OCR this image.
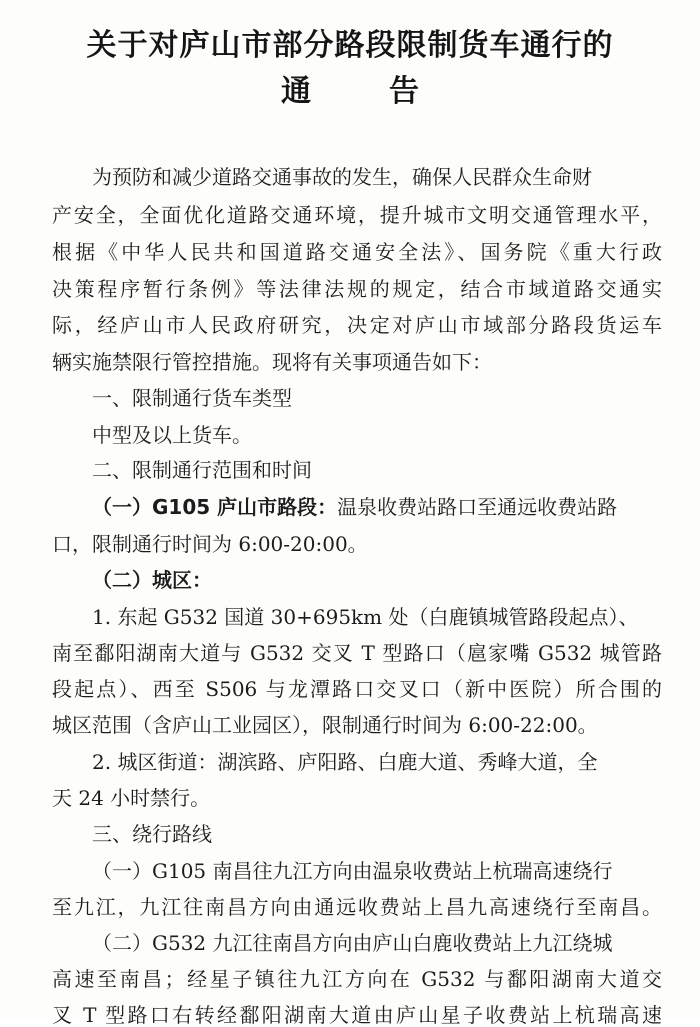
关于对庐山市部分路段限制货车通行的
通	告
为预防和减少道路交通事故的发生，确保人民群众生命财
产安全，全面优化道路交通环境，提升城市文明交通管理水平，
根据《中华人民共和国道路交通安全法》、国务院《重大行政
决策程序暂行条例》等法律法规的规定，结合市域道路交通实
际，经庐山市人民政府研究，决定对庐山市域部分路段货运车
辆实施禁限行管控措施。现将有关事项通告如下：
一、限制通行货车类型
中型及以上货车。
二、限制通行范围和时间
（一）G105 庐山市路段：温泉收费站路口至通远收费站路
口，限制通行时间为 6:00-20:00。
（二）城区：
1. 东起 G532 国道 30+695km 处（白鹿镇城管路段起点）、
南至鄱阳湖南大道与 G532 交叉 T 型路口（扈家嘴 G532 城管路
段起点）、西至 S506 与龙潭路口交叉口（新中医院）所合围的
城区范围（含庐山工业园区），限制通行时间为 6:00-22:00。
2. 城区街道：湖滨路、庐阳路、白鹿大道、秀峰大道，全
天 24 小时禁行。
三、绕行路线
（一）G105 南昌往九江方向由温泉收费站上杭瑞高速绕行
至九江，九江往南昌方向由通远收费站上昌九高速绕行至南昌。
（二）G532 九江往南昌方向由庐山白鹿收费站上九江绕城
高速至南昌；经星子镇往九江方向在 G532 与鄱阳湖南大道交
叉 T 型路口右转经鄱阳湖南大道由庐山星子收费站上杭瑞高速
